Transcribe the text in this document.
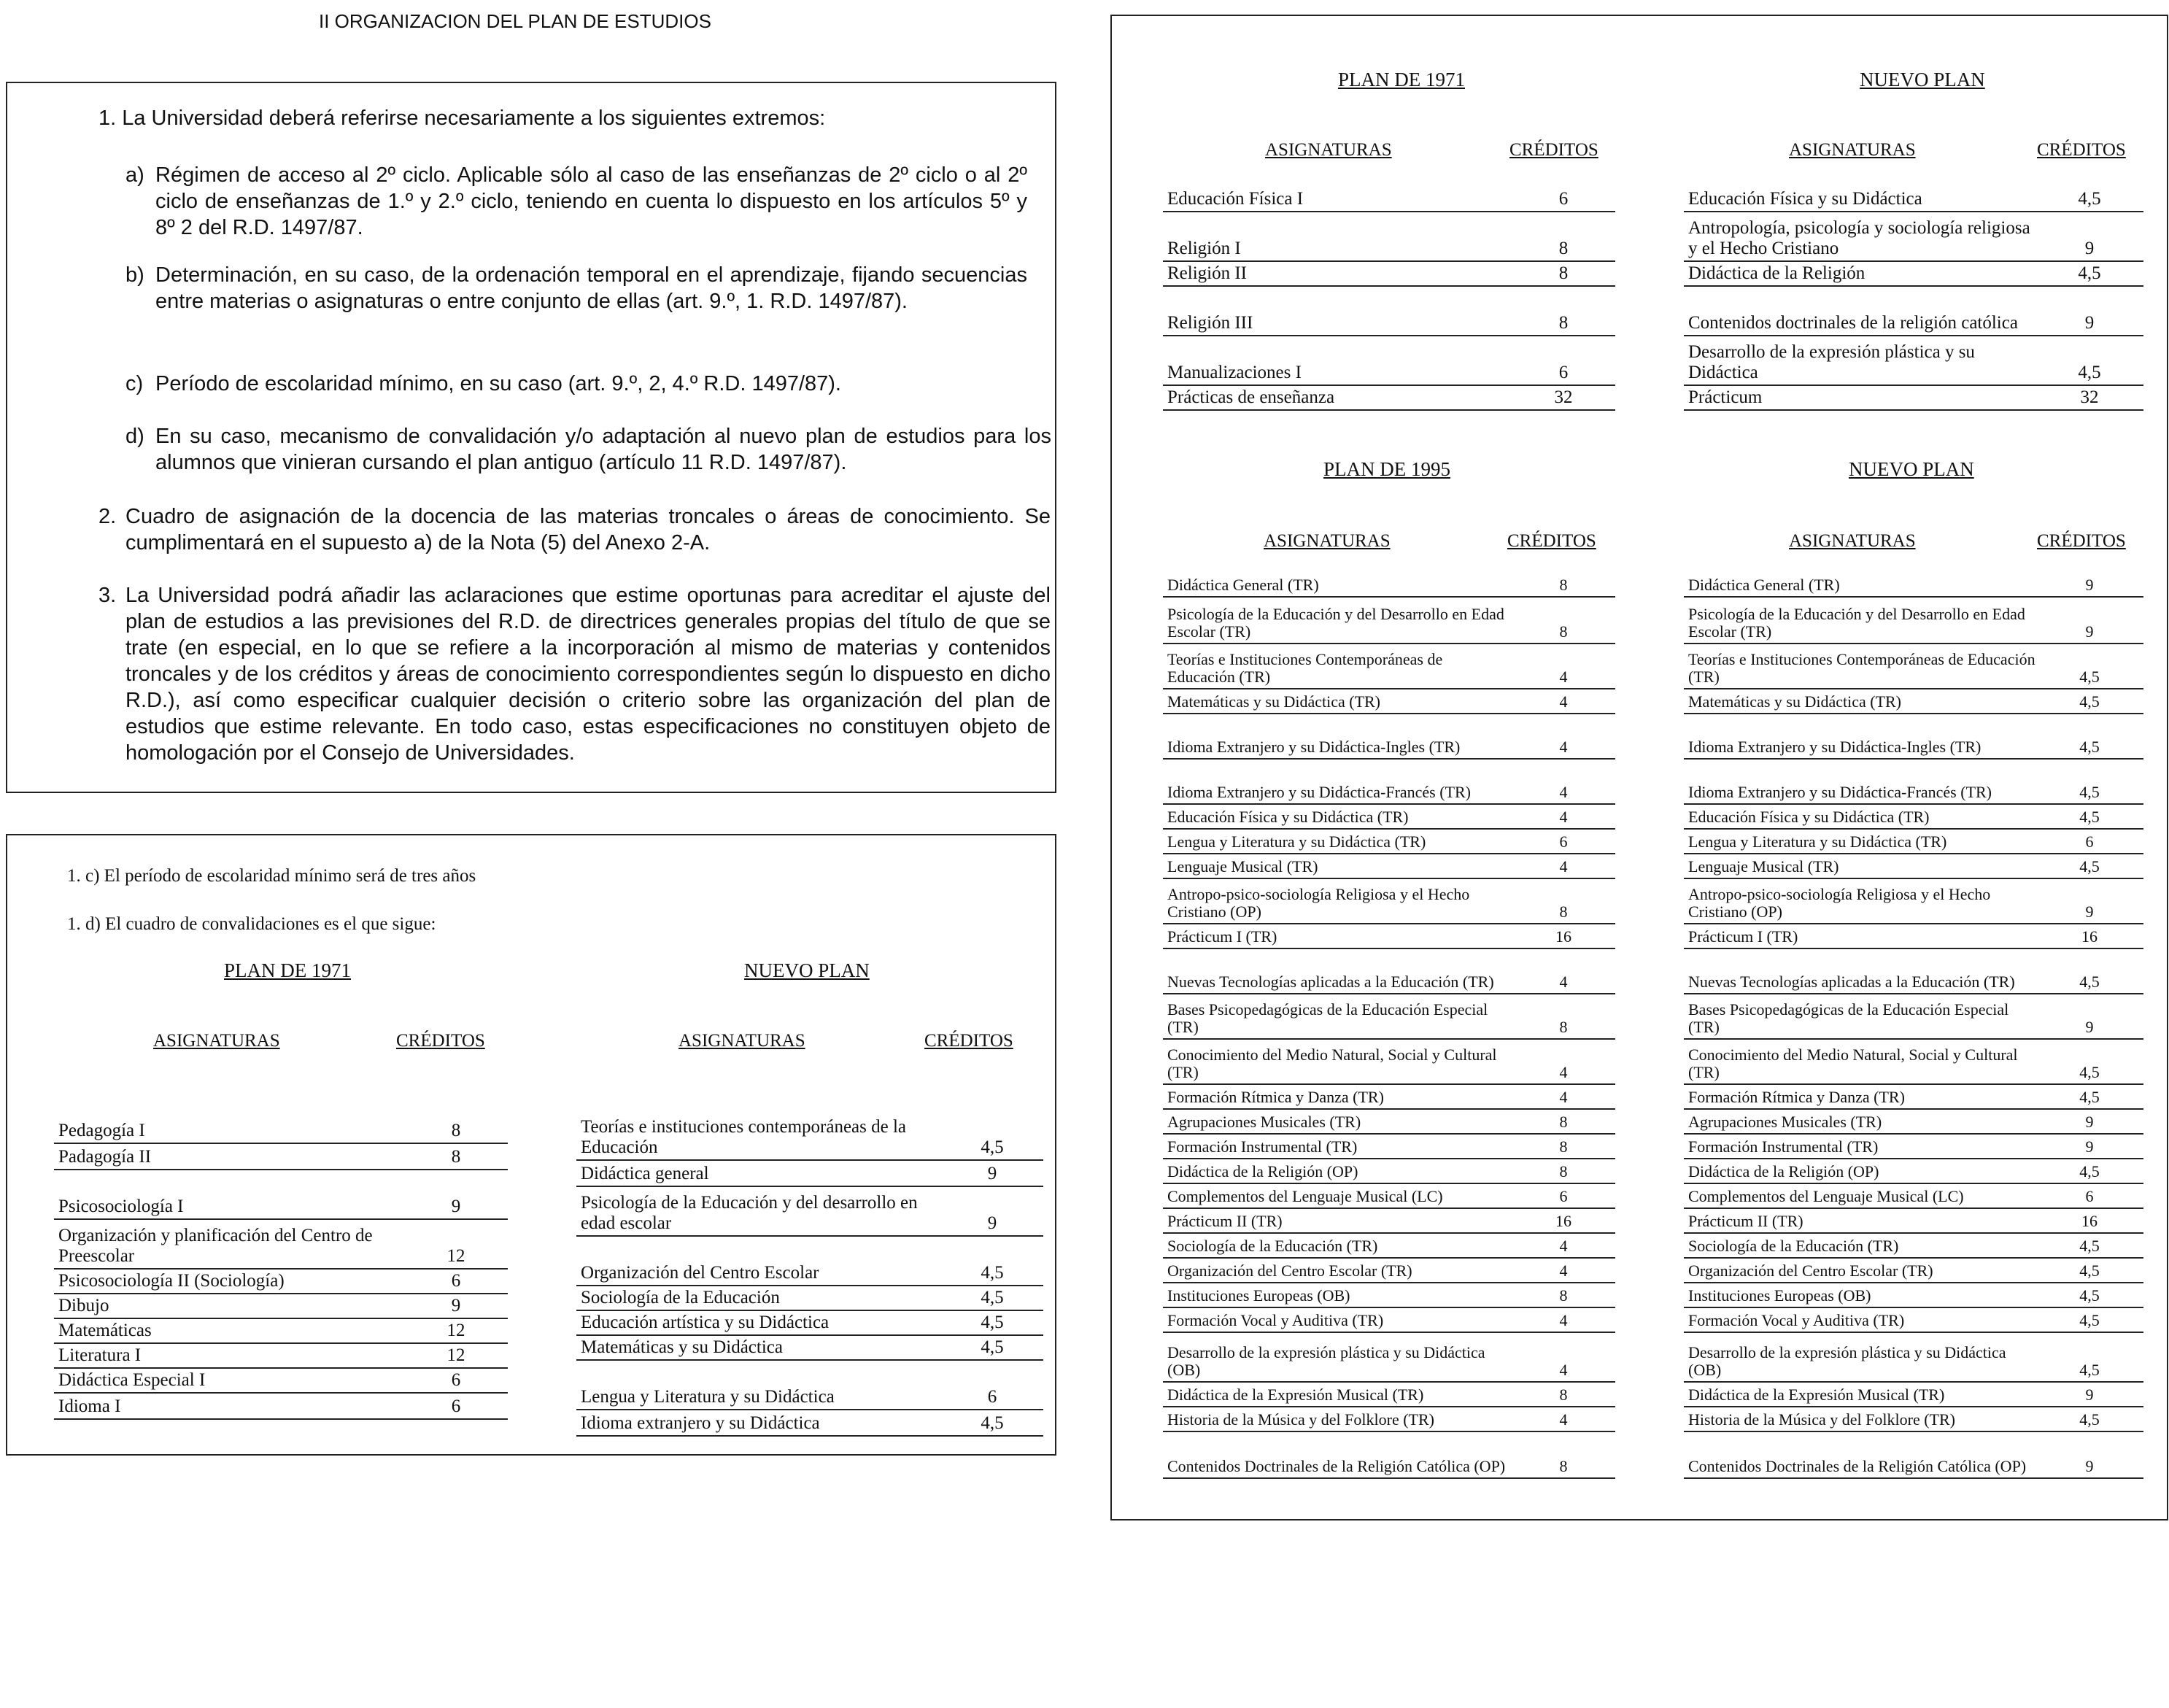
II ORGANIZACION DEL PLAN DE ESTUDIOS

1. La Universidad deberá referirse necesariamente a los siguientes extremos:

a) Régimen de acceso al 2º ciclo. Aplicable sólo al caso de las enseñanzas de 2º ciclo o al 2º ciclo de enseñanzas de 1.º y 2.º ciclo, teniendo en cuenta lo dispuesto en los artículos 5º y 8º 2 del R.D. 1497/87.

b) Determinación, en su caso, de la ordenación temporal en el aprendizaje, fijando secuencias entre materias o asignaturas o entre conjunto de ellas (art. 9.º, 1. R.D. 1497/87).

c) Período de escolaridad mínimo, en su caso (art. 9.º, 2, 4.º R.D. 1497/87).

d) En su caso, mecanismo de convalidación y/o adaptación al nuevo plan de estudios para los alumnos que vinieran cursando el plan antiguo (artículo 11 R.D. 1497/87).

2. Cuadro de asignación de la docencia de las materias troncales o áreas de conocimiento. Se cumplimentará en el supuesto a) de la Nota (5) del Anexo 2-A.

3. La Universidad podrá añadir las aclaraciones que estime oportunas para acreditar el ajuste del plan de estudios a las previsiones del R.D. de directrices generales propias del título de que se trate (en especial, en lo que se refiere a la incorporación al mismo de materias y contenidos troncales y de los créditos y áreas de conocimiento correspondientes según lo dispuesto en dicho R.D.), así como especificar cualquier decisión o criterio sobre las organización del plan de estudios que estime relevante. En todo caso, estas especificaciones no constituyen objeto de homologación por el Consejo de Universidades.

1. c) El período de escolaridad mínimo será de tres años
1. d) El cuadro de convalidaciones es el que sigue:
PLAN DE 1971	NUEVO PLAN
ASIGNATURAS	CRÉDITOS	ASIGNATURAS	CRÉDITOS

Pedagogía I	8
Padagogía II	8
Psicosociología I	9
Organización y planificación del Centro de Preescolar	12
Psicosociología II (Sociología)	6
Dibujo	9
Matemáticas	12
Literatura I	12
Didáctica Especial I	6
Idioma I	6

Teorías e instituciones contemporáneas de la Educación	4,5
Didáctica general	9
Psicología de la Educación y del desarrollo en edad escolar	9
Organización del Centro Escolar	4,5
Sociología de la Educación	4,5
Educación artística y su Didáctica	4,5
Matemáticas y su Didáctica	4,5

Lengua y Literatura y su Didáctica	6
Idioma extranjero y su Didáctica	4,5
PLAN DE 1971	NUEVO PLAN
ASIGNATURAS	CRÉDITOS	ASIGNATURAS	CRÉDITOS
Educación Física I	6
Religión I	8
Religión II	8
Religión III	8
Manualizaciones I	6
Prácticas de enseñanza	32
Educación Física y su Didáctica	4,5
Antropología, psicología y sociología religiosa y el Hecho Cristiano	9
Didáctica de la Religión	4,5
Contenidos doctrinales de la religión católica	9
Desarrollo de la expresión plástica y su Didáctica	4,5
Prácticum	32
PLAN DE 1995	NUEVO PLAN
ASIGNATURAS	CRÉDITOS	ASIGNATURAS	CRÉDITOS
Didáctica General (TR)	8
Psicología de la Educación y del Desarrollo en Edad Escolar (TR)	8
Teorías e Instituciones Contemporáneas de Educación (TR)	4
Matemáticas y su Didáctica (TR)	4
Idioma Extranjero y su Didáctica-Ingles (TR)	4
Idioma Extranjero y su Didáctica-Francés (TR)	4
Educación Física y su Didáctica (TR)	4
Lengua y Literatura y su Didáctica (TR)	6
Lenguaje Musical (TR)	4
Antropo-psico-sociología Religiosa y el Hecho Cristiano (OP)	8
Prácticum I (TR)	16
Nuevas Tecnologías aplicadas a la Educación (TR)	4
Bases Psicopedagógicas de la Educación Especial (TR)	8
Conocimiento del Medio Natural, Social y Cultural (TR)	4
Formación Rítmica y Danza (TR)	4
Agrupaciones Musicales (TR)	8
Formación Instrumental (TR)	8
Didáctica de la Religión (OP)	8
Complementos del Lenguaje Musical (LC)	6
Prácticum II (TR)	16
Sociología de la Educación (TR)	4
Organización del Centro Escolar (TR)	4
Instituciones Europeas (OB)	8
Formación Vocal y Auditiva (TR)	4
Desarrollo de la expresión plástica y su Didáctica (OB)	4
Didáctica de la Expresión Musical (TR)	8
Historia de la Música y del Folklore (TR)	4
Contenidos Doctrinales de la Religión Católica (OP)	8
Didáctica General (TR)	9
Psicología de la Educación y del Desarrollo en Edad Escolar (TR)	9
Teorías e Instituciones Contemporáneas de Educación (TR)	4,5
Matemáticas y su Didáctica (TR)	4,5
Idioma Extranjero y su Didáctica-Ingles (TR)	4,5
Idioma Extranjero y su Didáctica-Francés (TR)	4,5
Educación Física y su Didáctica (TR)	4,5
Lengua y Literatura y su Didáctica (TR)	6
Lenguaje Musical (TR)	4,5
Antropo-psico-sociología Religiosa y el Hecho Cristiano (OP)	9
Prácticum I (TR)	16
Nuevas Tecnologías aplicadas a la Educación (TR)	4,5
Bases Psicopedagógicas de la Educación Especial (TR)	9
Conocimiento del Medio Natural, Social y Cultural (TR)	4,5
Formación Rítmica y Danza (TR)	4,5
Agrupaciones Musicales (TR)	9
Formación Instrumental (TR)	9
Didáctica de la Religión (OP)	4,5
Complementos del Lenguaje Musical (LC)	6
Prácticum II (TR)	16
Sociología de la Educación (TR)	4,5
Organización del Centro Escolar (TR)	4,5
Instituciones Europeas (OB)	4,5
Formación Vocal y Auditiva (TR)	4,5
Desarrollo de la expresión plástica y su Didáctica (OB)	4,5
Didáctica de la Expresión Musical (TR)	9
Historia de la Música y del Folklore (TR)	4,5
Contenidos Doctrinales de la Religión Católica (OP)	9
